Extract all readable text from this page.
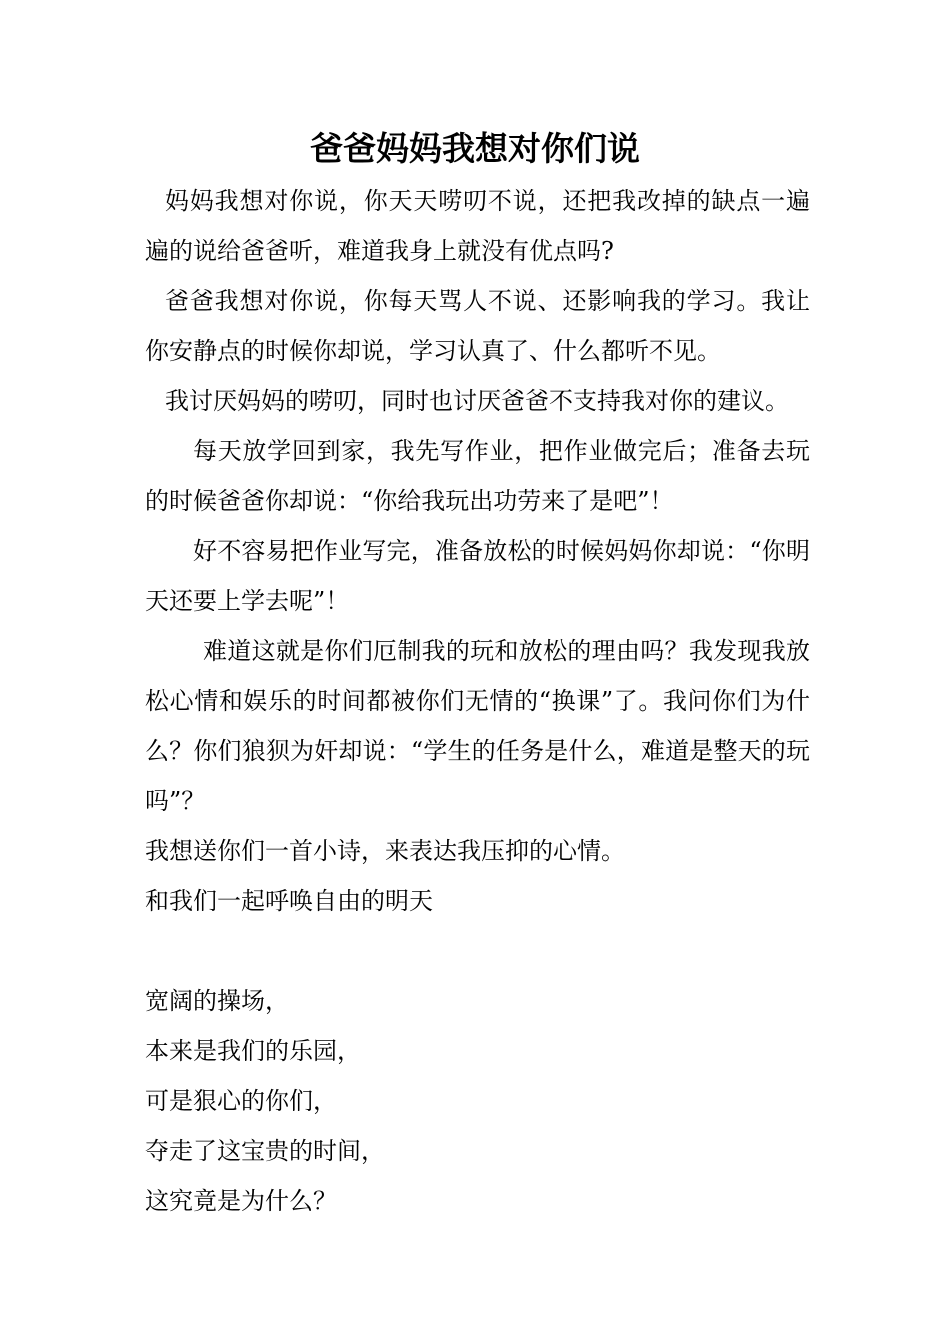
爸爸妈妈我想对你们说

妈妈我想对你说，你天天唠叨不说，还把我改掉的缺点一遍遍的说给爸爸听，难道我身上就没有优点吗?

爸爸我想对你说，你每天骂人不说、还影响我的学习。我让你安静点的时候你却说，学习认真了、什么都听不见。

我讨厌妈妈的唠叨，同时也讨厌爸爸不支持我对你的建议。

每天放学回到家，我先写作业，把作业做完后；准备去玩的时候爸爸你却说：“你给我玩出功劳来了是吧”！

好不容易把作业写完，准备放松的时候妈妈你却说：“你明天还要上学去呢”！

难道这就是你们厄制我的玩和放松的理由吗？我发现我放松心情和娱乐的时间都被你们无情的“换课”了。我问你们为什么？你们狼狈为奸却说：“学生的任务是什么，难道是整天的玩吗”？

我想送你们一首小诗，来表达我压抑的心情。

和我们一起呼唤自由的明天

宽阔的操场，

本来是我们的乐园，

可是狠心的你们，

夺走了这宝贵的时间，

这究竟是为什么？
